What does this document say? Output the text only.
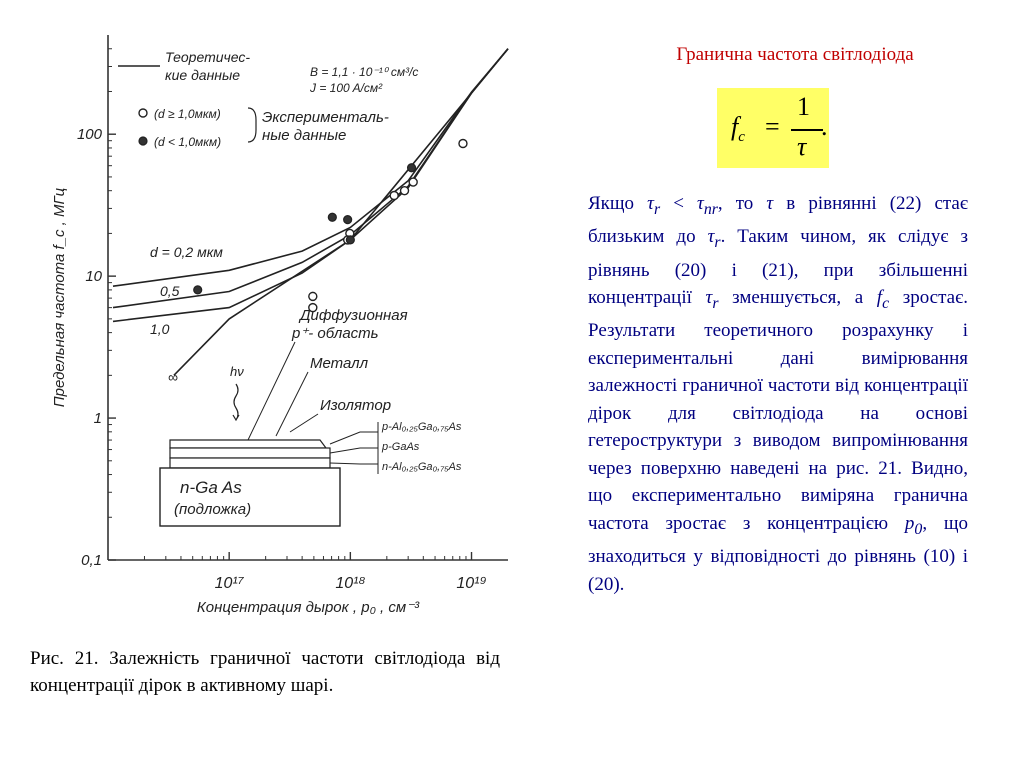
0,1
1
10
100
10¹⁷	10¹⁸	10¹⁹
Концентрация дырок , p₀ , см⁻³
Предельная частота f_c , МГц	∞
1,0
0,5
d = 0,2 мкм
Теоретичес-
кие данные	B = 1,1 · 10⁻¹⁰ см³/с
J = 100 A/см²
(d ≥ 1,0мкм)
(d < 1,0мкм)
Эксперименталь-
ные данные
hν
Диффузионная
p⁺- область
Металл
Изолятор
n-Ga As
(подложка)
p-Al₀,₂₅Ga₀,₇₅As
p-GaAs
n-Al₀,₂₅Ga₀,₇₅As
Рис. 21. Залежність граничної частоти світлодіода від концентрації дірок в активному шарі.
Гранична частота світлодіода
$f_c$ =
1
τ
.
Якщо $\tau_r < \tau_{nr}$, то τ в рівнянні (22) стає близьким до $\tau_r$. Таким чином, як слідує з рівнянь (20) і (21), при збільшенні концентрації $\tau_r$ зменшується, а $f_c$ зростає. Результати теоретичного розрахунку і експериментальні дані вимірювання залежності граничної частоти від концентрації дірок для світлодіода на основі гетероструктури з виводом випромінювання через поверхню наведені на рис. 21. Видно, що експериментально виміряна гранична частота зростає з концентрацією $p_0$, що знаходиться у відповідності до рівнянь (10) і (20).
